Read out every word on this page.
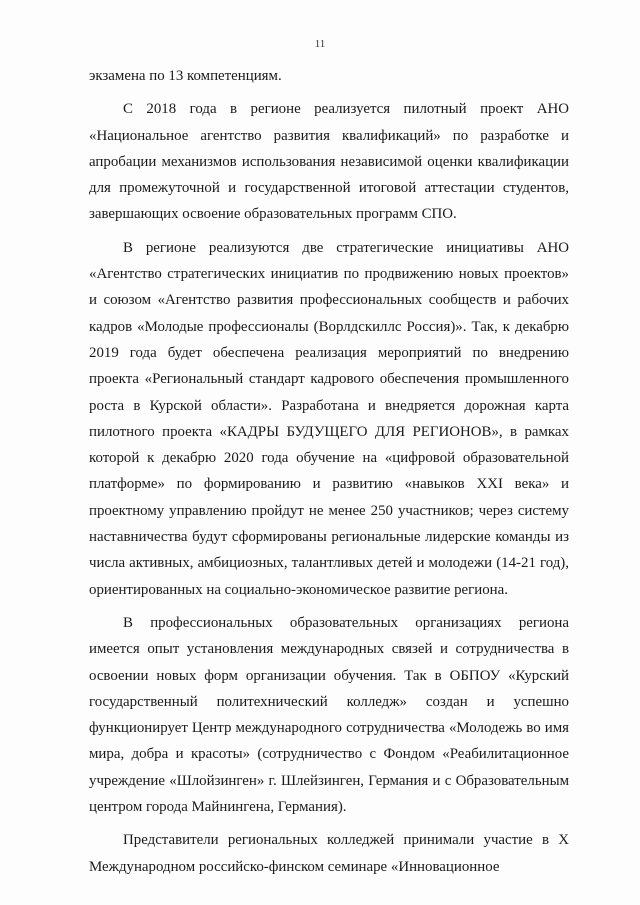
11

экзамена по 13 компетенциям.

С 2018 года в регионе реализуется пилотный проект АНО «Национальное агентство развития квалификаций» по разработке и апробации механизмов использования независимой оценки квалификации для промежуточной и государственной итоговой аттестации студентов, завершающих освоение образовательных программ СПО.

В регионе реализуются две стратегические инициативы АНО «Агентство стратегических инициатив по продвижению новых проектов» и союзом «Агентство развития профессиональных сообществ и рабочих кадров «Молодые профессионалы (Ворлдскиллс Россия)». Так, к декабрю 2019 года будет обеспечена реализация мероприятий по внедрению проекта «Региональный стандарт кадрового обеспечения промышленного роста в Курской области». Разработана и внедряется дорожная карта пилотного проекта «КАДРЫ БУДУЩЕГО ДЛЯ РЕГИОНОВ», в рамках которой к декабрю 2020 года обучение на «цифровой образовательной платформе» по формированию и развитию «навыков XXI века» и проектному управлению пройдут не менее 250 участников; через систему наставничества будут сформированы региональные лидерские команды из числа активных, амбициозных, талантливых детей и молодежи (14-21 год), ориентированных на социально-экономическое развитие региона.

В профессиональных образовательных организациях региона имеется опыт установления международных связей и сотрудничества в освоении новых форм организации обучения. Так в ОБПОУ «Курский государственный политехнический колледж» создан и успешно функционирует Центр международного сотрудничества «Молодежь во имя мира, добра и красоты» (сотрудничество с Фондом «Реабилитационное учреждение «Шлойзинген» г. Шлейзинген, Германия и с Образовательным центром города Майнингена, Германия).

Представители региональных колледжей принимали участие в X Международном российско-финском семинаре «Инновационное
